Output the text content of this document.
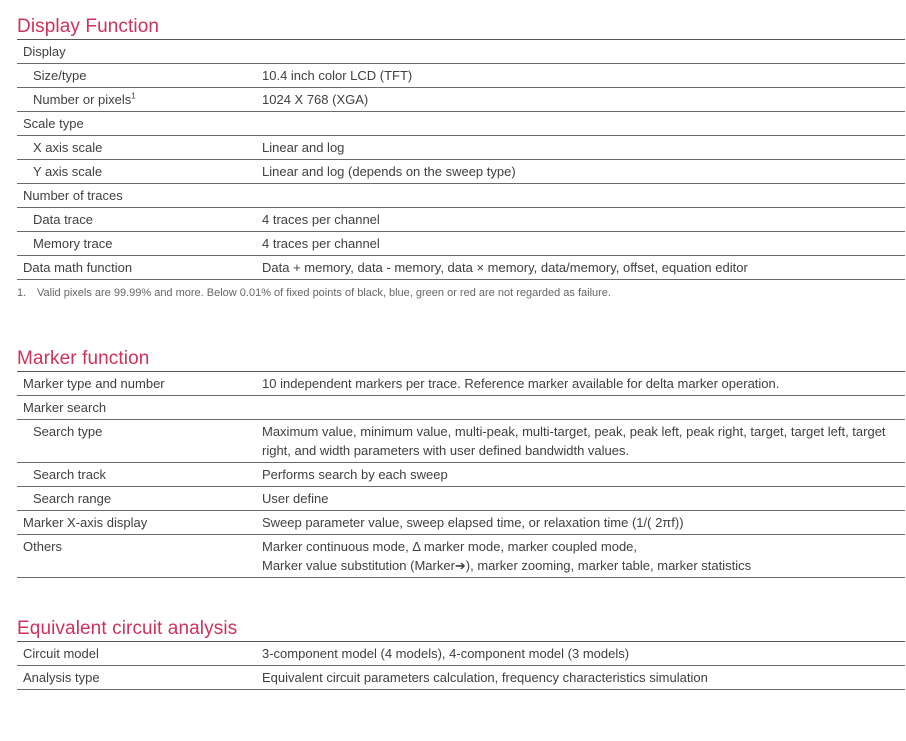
Display Function
Display
Size/type	10.4 inch color LCD (TFT)
Number or pixels$^1$	1024 X 768 (XGA)
Scale type
X axis scale	Linear and log
Y axis scale	Linear and log (depends on the sweep type)
Number of traces
Data trace	4 traces per channel
Memory trace	4 traces per channel
Data math function	Data + memory, data - memory, data × memory, data/memory, offset, equation editor
1. Valid pixels are 99.99% and more. Below 0.01% of fixed points of black, blue, green or red are not regarded as failure.
Marker function
Marker type and number	10 independent markers per trace. Reference marker available for delta marker operation.
Marker search
Search type	Maximum value, minimum value, multi-peak, multi-target, peak, peak left, peak right, target, target left, target right, and width parameters with user defined bandwidth values.
Search track	Performs search by each sweep
Search range	User define
Marker X-axis display	Sweep parameter value, sweep elapsed time, or relaxation time (1/( 2πf))
Others	Marker continuous mode, Δ marker mode, marker coupled mode,
Marker value substitution (Marker➔), marker zooming, marker table, marker statistics
Equivalent circuit analysis
Circuit model	3-component model (4 models), 4-component model (3 models)
Analysis type	Equivalent circuit parameters calculation, frequency characteristics simulation
